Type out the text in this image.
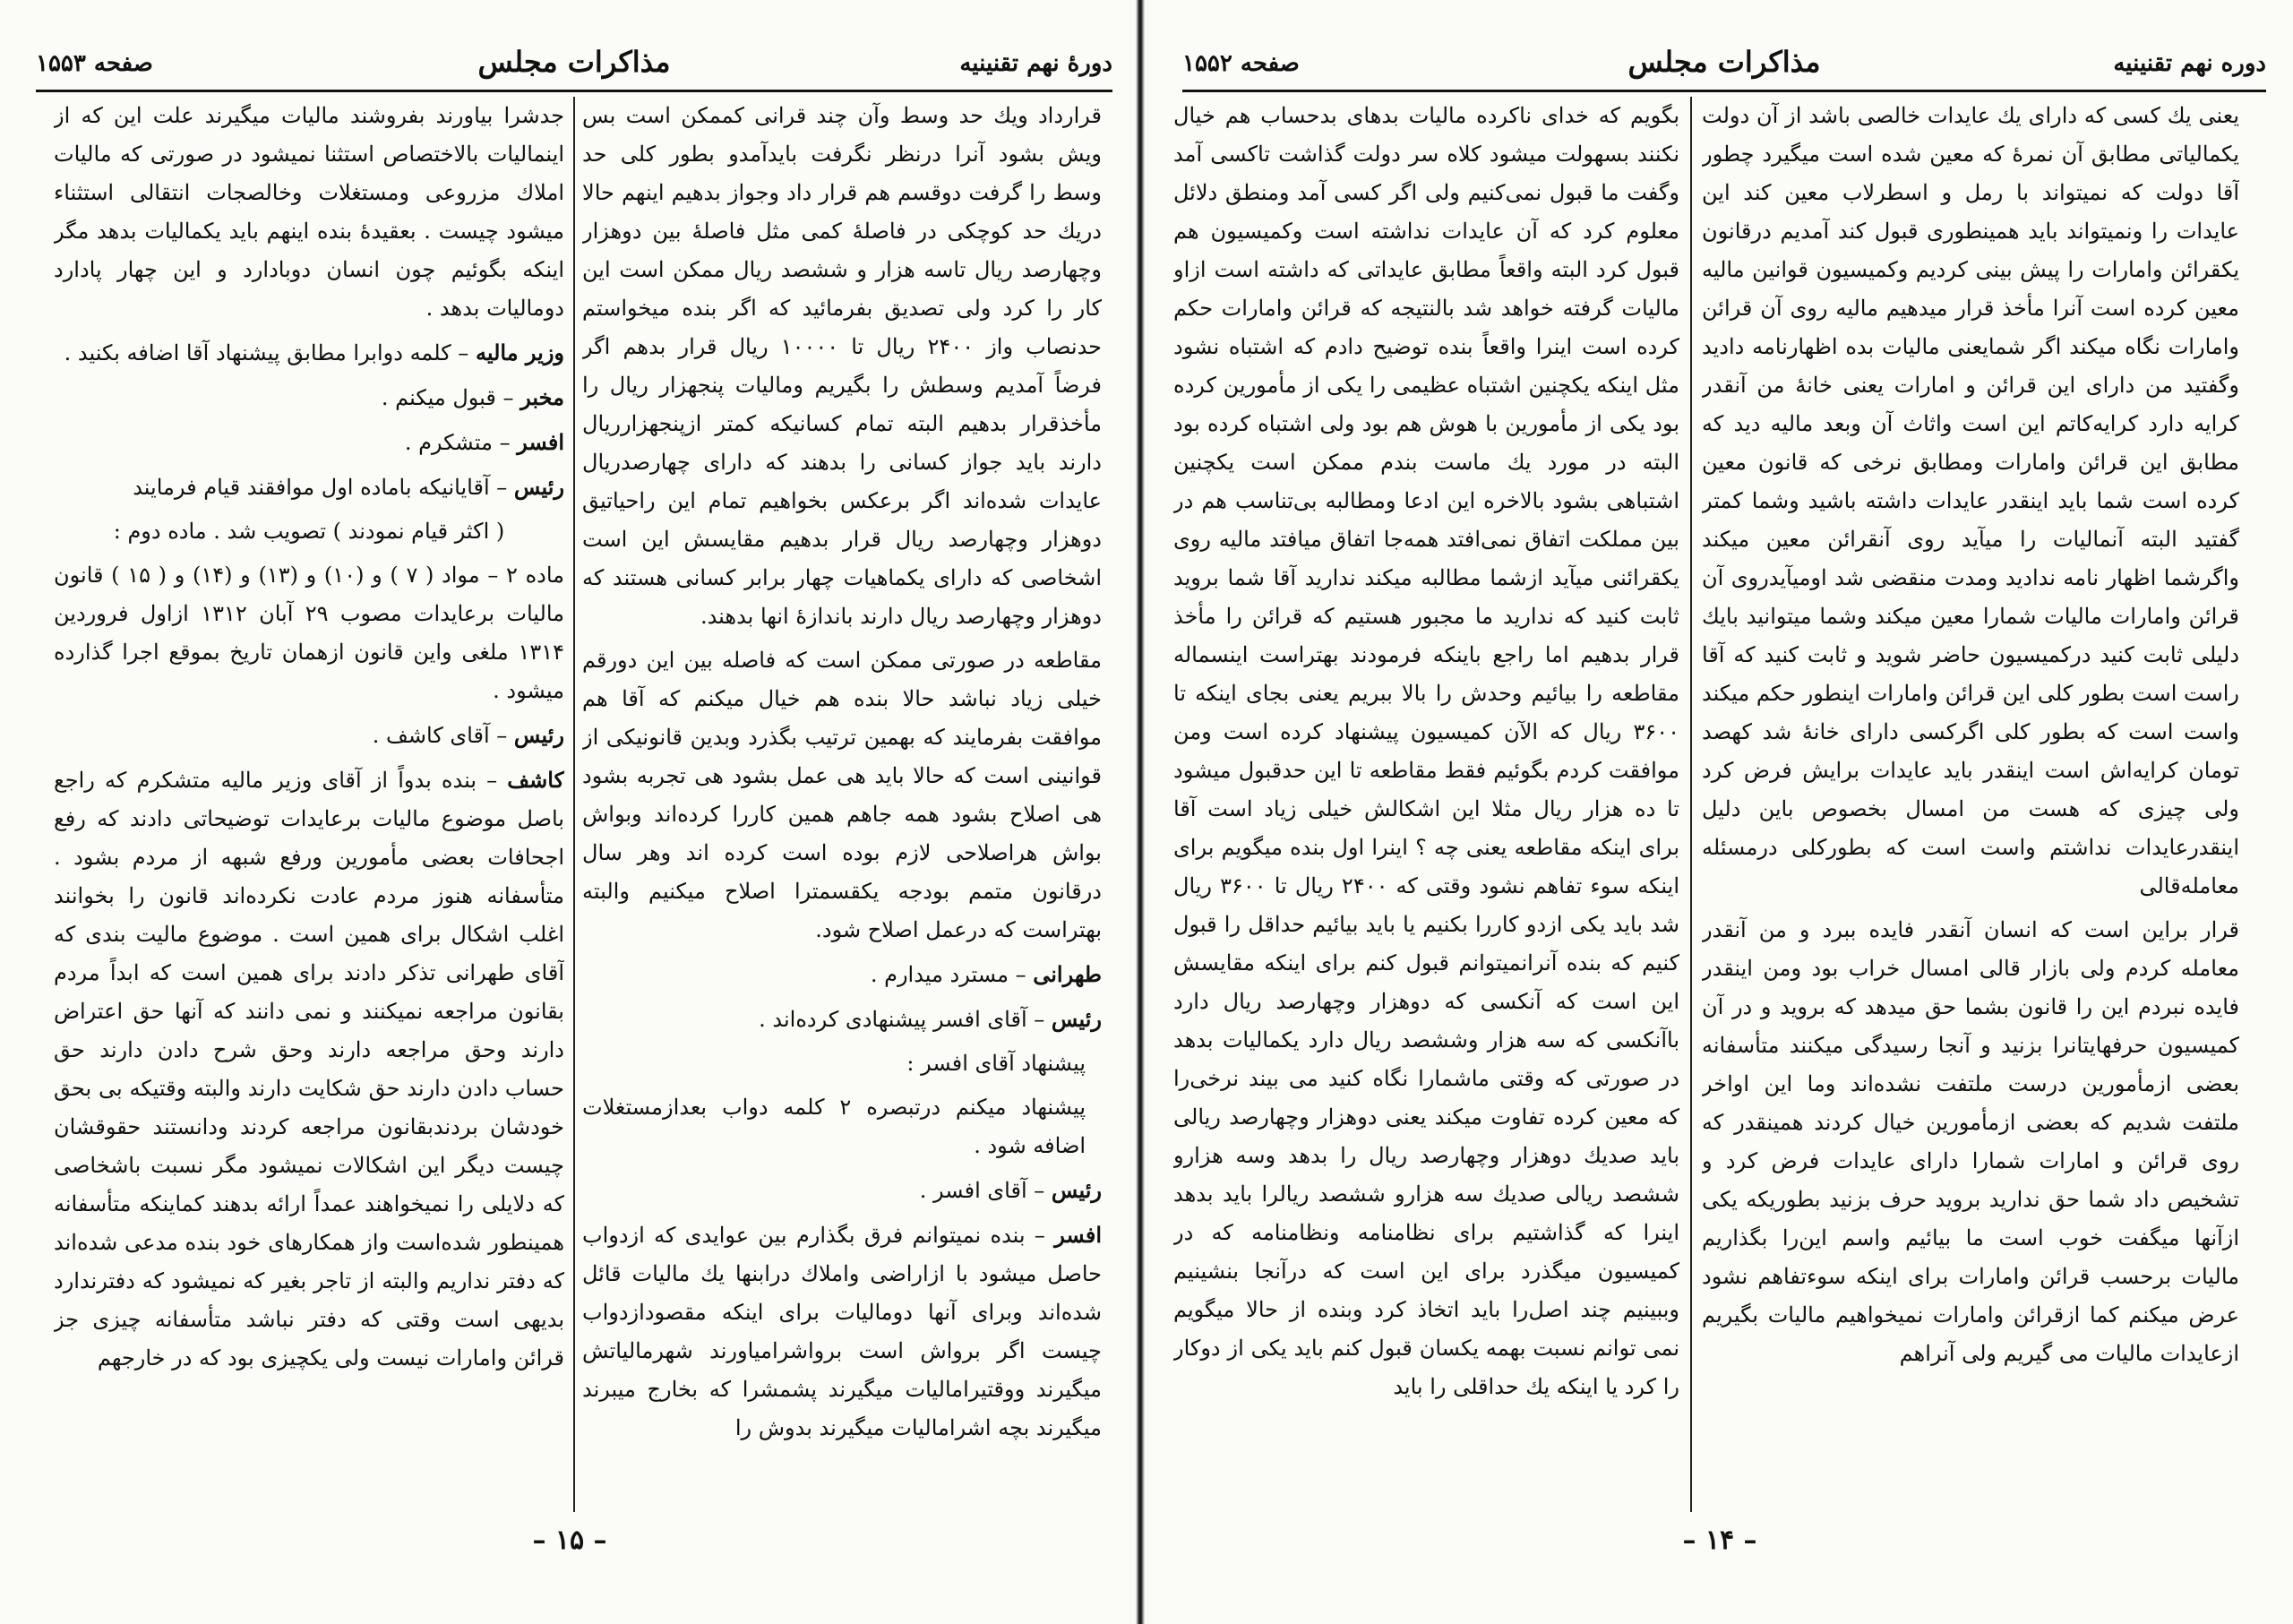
دورهٔ نهم تقنینیه
مذاکرات مجلس
صفحه ۱۵۵۳

قرارداد ویك حد وسط وآن چند قرانی کممکن است بس ویش بشود آنرا درنظر نگرفت بایدآمدو بطور کلی حد وسط را گرفت دوقسم هم قرار داد وجواز بدهیم اینهم حالا دریك حد کوچکی در فاصلهٔ کمی مثل فاصلهٔ بین دوهزار وچهارصد ریال تاسه هزار و ششصد ریال ممکن است این کار را کرد ولی تصدیق بفرمائید که اگر بنده میخواستم حدنصاب واز ۲۴۰۰ ریال تا ۱۰۰۰۰ ریال قرار بدهم اگر فرضاً آمدیم وسطش را بگیریم ومالیات پنجهزار ریال را مأخذقرار بدهیم البته تمام کسانیکه کمتر ازپنجهزارریال دارند باید جواز کسانی را بدهند که دارای چهارصدریال عایدات شده‌اند اگر برعکس بخواهیم تمام این راحیاتیق دوهزار وچهارصد ریال قرار بدهیم مقایسش این است اشخاصی که دارای یکماهیات چهار برابر کسانی هستند که دوهزار وچهارصد ریال دارند باندازهٔ انها بدهند.

مقاطعه در صورتی ممکن است که فاصله بین این دورقم خیلی زیاد نباشد حالا بنده هم خیال میکنم که آقا هم موافقت بفرمایند که بهمین ترتیب بگذرد وبدین قانونیکی از قوانینی است که حالا باید هی عمل بشود هی تجربه بشود هی اصلاح بشود همه جاهم همین کاررا کرده‌اند وبواش بواش هراصلاحی لازم بوده است کرده اند وهر سال درقانون متمم بودجه یکقسمترا اصلاح میکنیم والبته بهتراست که درعمل اصلاح شود.

طهرانی – مسترد میدارم .

رئیس – آقای افسر پیشنهادی کرده‌اند .

پیشنهاد آقای افسر :

پیشنهاد میکنم درتبصره ۲ کلمه دواب بعدازمستغلات اضافه شود .

رئیس – آقای افسر .

افسر – بنده نمیتوانم فرق بگذارم بین عوایدی که ازدواب حاصل میشود با ازاراضی واملاك درابنها یك مالیات قائل شده‌اند وبرای آنها دومالیات برای اینکه مقصودازدواب چیست اگر برواش است برواشرامیاورند شهرمالیاتش میگیرند ووقتیراماليات میگیرند پشمشرا که بخارج میبرند میگیرند بچه اشرامالیات میگیرند بدوش را

جدشرا بیاورند بفروشند مالیات میگیرند علت این که از اینمالیات بالاختصاص استثنا نمیشود در صورتی که مالیات املاك مزروعی ومستغلات وخالصجات انتقالی استثناء میشود چیست . بعقیدهٔ بنده اینهم باید یکمالیات بدهد مگر اینکه بگوئیم چون انسان دوبادارد و این چهار پادارد دومالیات بدهد .

وزیر مالیه – کلمه دوابرا مطابق پیشنهاد آقا اضافه بکنید .

مخبر – قبول میکنم .

افسر – متشکرم .

رئیس – آقایانیکه باماده اول موافقند قیام فرمایند

( اکثر قیام نمودند ) تصویب شد . ماده دوم :

ماده ۲ – مواد ( ۷ ) و (۱۰) و (۱۳) و (۱۴) و ( ۱۵ ) قانون مالیات برعایدات مصوب ۲۹ آبان ۱۳۱۲ ازاول فروردین ۱۳۱۴ ملغی واین قانون ازهمان تاریخ بموقع اجرا گذارده میشود .

رئیس – آقای کاشف .

کاشف – بنده بدواً از آقای وزیر مالیه متشکرم که راجع باصل موضوع مالیات برعایدات توضیحاتی دادند که رفع اجحافات بعضی مأمورین ورفع شبهه از مردم بشود . متأسفانه هنوز مردم عادت نکرده‌اند قانون را بخوانند اغلب اشکال برای همین است . موضوع مالیت بندی که آقای طهرانی تذکر دادند برای همین است که ابداً مردم بقانون مراجعه نمیکنند و نمی دانند که آنها حق اعتراض دارند وحق مراجعه دارند وحق شرح دادن دارند حق حساب دادن دارند حق شکایت دارند والبته وقتیکه بی بحق خودشان بردندبقانون مراجعه کردند ودانستند حقوقشان چیست دیگر این اشکالات نمیشود مگر نسبت باشخاصی که دلایلی را نمیخواهند عمداً ارائه بدهند کماینکه متأسفانه همینطور شده‌است واز همکارهای خود بنده مدعی شده‌اند که دفتر نداریم والبته از تاجر بغیر که نمیشود که دفترندارد بدیهی است وقتی که دفتر نباشد متأسفانه چیزی جز قرائن وامارات نیست ولی یکچیزی بود که در خارجهم

– ۱۵ –
دوره نهم تقنینیه
مذاکرات مجلس
صفحه ۱۵۵۲

یعنی یك کسی که دارای یك عایدات خالصی باشد از آن دولت یکمالیاتی مطابق آن نمرهٔ که معین شده است میگیرد چطور آقا دولت که نمیتواند با رمل و اسطرلاب معین کند این عایدات را ونمیتواند باید همینطوری قبول کند آمدیم درقانون یکقرائن وامارات را پیش بینی کردیم وکمیسیون قوانین مالیه معین کرده است آنرا مأخذ قرار میدهیم مالیه روی آن قرائن وامارات نگاه میکند اگر شمایعنی مالیات بده اظهارنامه دادید وگفتید من دارای این قرائن و امارات یعنی خانهٔ من آنقدر کرایه دارد کرایه‌کاتم این است واثاث آن وبعد مالیه دید که مطابق این قرائن وامارات ومطابق نرخی که قانون معین کرده است شما باید اینقدر عایدات داشته باشید وشما کمتر گفتید البته آنمالیات را میآید روی آنقرائن معین میکند واگرشما اظهار نامه ندادید ومدت منقضی شد اومیآیدروی آن قرائن وامارات مالیات شمارا معین میکند وشما میتوانید بایك دلیلی ثابت کنید درکمیسیون حاضر شوید و ثابت کنید که آقا راست است بطور کلی این قرائن وامارات اینطور حکم میکند واست است که بطور کلی اگرکسی دارای خانهٔ شد کهصد تومان کرایه‌اش است اینقدر باید عایدات برایش فرض کرد ولی چیزی که هست من امسال بخصوص باین دلیل اینقدرعایدات نداشتم واست است که بطورکلی درمسئله معامله‌قالی

قرار براین است که انسان آنقدر فایده ببرد و من آنقدر معامله کردم ولی بازار قالی امسال خراب بود ومن اینقدر فایده نبردم این را قانون بشما حق میدهد که بروید و در آن کمیسیون حرفهایتانرا بزنید و آنجا رسیدگی میکنند متأسفانه بعضی ازمأمورین درست ملتفت نشده‌اند وما این اواخر ملتفت شدیم که بعضی ازمأمورین خیال کردند همینقدر که روی قرائن و امارات شمارا دارای عایدات فرض کرد و تشخیص داد شما حق ندارید بروید حرف بزنید بطوریکه یکی ازآنها میگفت خوب است ما بیائیم واسم این‌را بگذاریم مالیات برحسب قرائن وامارات برای اینکه سوءتفاهم نشود عرض میکنم کما ازقرائن وامارات نمیخواهیم مالیات بگیریم ازعایدات مالیات می گیریم ولی آنراهم

بگویم که خدای ناکرده مالیات بدهای بدحساب هم خیال نکنند بسهولت میشود کلاه سر دولت گذاشت تاکسی آمد وگفت ما قبول نمی‌کنیم ولی اگر کسی آمد ومنطق دلائل معلوم کرد که آن عایدات نداشته است وکمیسیون هم قبول کرد البته واقعاً مطابق عایداتی که داشته است ازاو مالیات گرفته خواهد شد بالنتیجه که قرائن وامارات حکم کرده است اینرا واقعاً بنده توضیح دادم که اشتباه نشود مثل اینکه یکچنین اشتباه عظیمی را یکی از مأمورین کرده بود یکی از مأمورین با هوش هم بود ولی اشتباه کرده بود البته در مورد یك ماست بندم ممکن است یکچنین اشتباهی بشود بالاخره این ادعا ومطالبه بی‌تناسب هم در بین مملکت اتفاق نمی‌افتد همه‌جا اتفاق میافتد مالیه روی یکقرائنی میآید ازشما مطالبه میکند ندارید آقا شما بروید ثابت کنید که ندارید ما مجبور هستیم که قرائن را مأخذ قرار بدهیم اما راجع باینکه فرمودند بهتراست اینسماله مقاطعه را بیائیم وحدش را بالا ببریم یعنی بجای اینکه تا ۳۶۰۰ ریال که الآن کمیسیون پیشنهاد کرده است ومن موافقت کردم بگوئیم فقط مقاطعه تا این حدقبول میشود تا ده هزار ریال مثلا این اشکالش خیلی زیاد است آقا برای اینکه مقاطعه یعنی چه ؟ اینرا اول بنده میگویم برای اینکه سوء تفاهم نشود وقتی که ۲۴۰۰ ریال تا ۳۶۰۰ ریال شد باید یکی ازدو کاررا بکنیم یا باید بیائیم حداقل را قبول کنیم که بنده آنرانمیتوانم قبول کنم برای اینکه مقایسش این است که آنکسی که دوهزار وچهارصد ریال دارد باآنکسی که سه هزار وششصد ریال دارد یکمالیات بدهد در صورتی که وقتی ماشمارا نگاه کنید می بیند نرخی‌را که معین کرده تفاوت میکند یعنی دوهزار وچهارصد ریالی باید صدیك دوهزار وچهارصد ریال را بدهد وسه هزارو ششصد ریالی صدیك سه هزارو ششصد ریالرا باید بدهد اینرا که گذاشتیم برای نظامنامه ونظامنامه که در کمیسیون میگذرد برای این است که درآنجا بنشینیم وببینیم چند اصل‌را باید اتخاذ کرد وبنده از حالا میگویم نمی توانم نسبت بهمه یکسان قبول کنم باید یکی از دوکار را کرد یا اینکه یك حداقلی را باید

– ۱۴ –
